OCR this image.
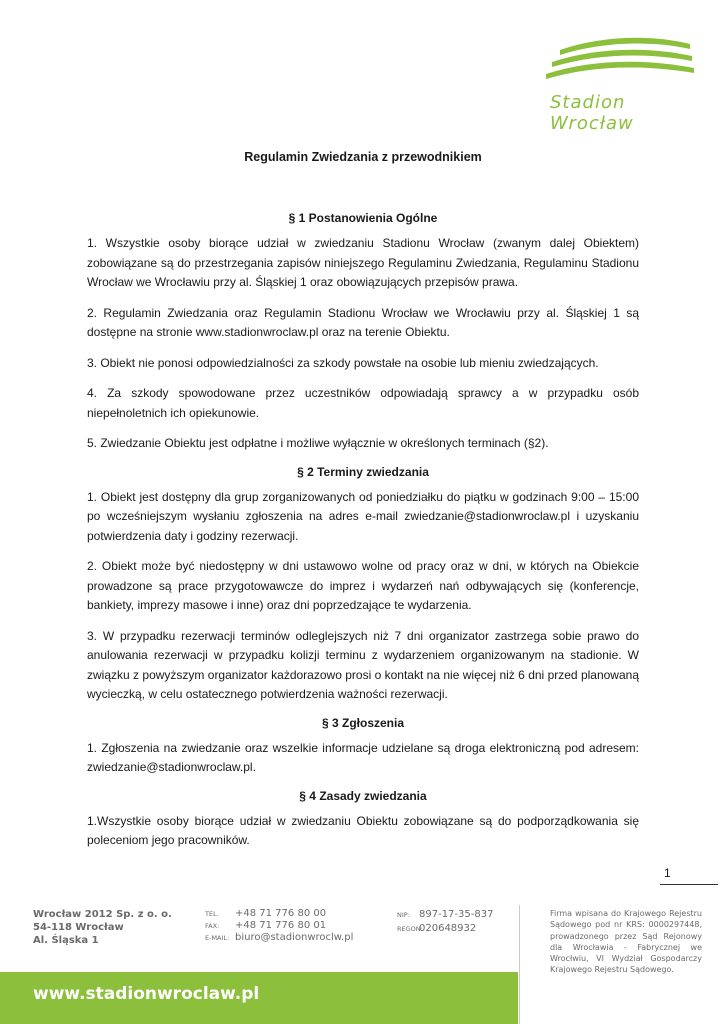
Stadion Wrocław
Regulamin Zwiedzania z przewodnikiem
§ 1 Postanowienia Ogólne

1. Wszystkie osoby biorące udział w zwiedzaniu Stadionu Wrocław (zwanym dalej Obiektem) zobowiązane są do przestrzegania zapisów niniejszego Regulaminu Zwiedzania, Regulaminu Stadionu Wrocław we Wrocławiu przy al. Śląskiej 1 oraz obowiązujących przepisów prawa.

2. Regulamin Zwiedzania oraz Regulamin Stadionu Wrocław we Wrocławiu przy al. Śląskiej 1 są dostępne na stronie www.stadionwroclaw.pl oraz na terenie Obiektu.

3. Obiekt nie ponosi odpowiedzialności za szkody powstałe na osobie lub mieniu zwiedzających.

4. Za szkody spowodowane przez uczestników odpowiadają sprawcy a w przypadku osób niepełnoletnich ich opiekunowie.

5. Zwiedzanie Obiektu jest odpłatne i możliwe wyłącznie w określonych terminach (§2).

§ 2 Terminy zwiedzania

1. Obiekt jest dostępny dla grup zorganizowanych od poniedziałku do piątku w godzinach 9:00 – 15:00 po wcześniejszym wysłaniu zgłoszenia na adres e-mail zwiedzanie@stadionwroclaw.pl i uzyskaniu potwierdzenia daty i godziny rezerwacji.

2. Obiekt może być niedostępny w dni ustawowo wolne od pracy oraz w dni, w których na Obiekcie prowadzone są prace przygotowawcze do imprez i wydarzeń nań odbywających się (konferencje, bankiety, imprezy masowe i inne) oraz dni poprzedzające te wydarzenia.

3. W przypadku rezerwacji terminów odleglejszych niż 7 dni organizator zastrzega sobie prawo do anulowania rezerwacji w przypadku kolizji terminu z wydarzeniem organizowanym na stadionie. W związku z powyższym organizator każdorazowo prosi o kontakt na nie więcej niż 6 dni przed planowaną wycieczką, w celu ostatecznego potwierdzenia ważności rezerwacji.

§ 3 Zgłoszenia

1. Zgłoszenia na zwiedzanie oraz wszelkie informacje udzielane są droga elektroniczną pod adresem: zwiedzanie@stadionwroclaw.pl.

§ 4 Zasady zwiedzania

1.Wszystkie osoby biorące udział w zwiedzaniu Obiektu zobowiązane są do podporządkowania się poleceniom jego pracowników.

1
Wrocław 2012 Sp. z o. o.
54-118 Wrocław
Al. Śląska 1
TEL. +48 71 776 80 00
FAX: +48 71 776 80 01
E-MAIL: biuro@stadionwroclw.pl
NIP: 897-17-35-837
REGON:020648932
Firma wpisana do Krajowego Rejestru Sądowego pod nr KRS: 0000297448, prowadzonego przez Sąd Rejonowy dla Wrocławia - Fabrycznej we Wrocłwiu, VI Wydział Gospodarczy Krajowego Rejestru Sądowego.
www.stadionwroclaw.pl
